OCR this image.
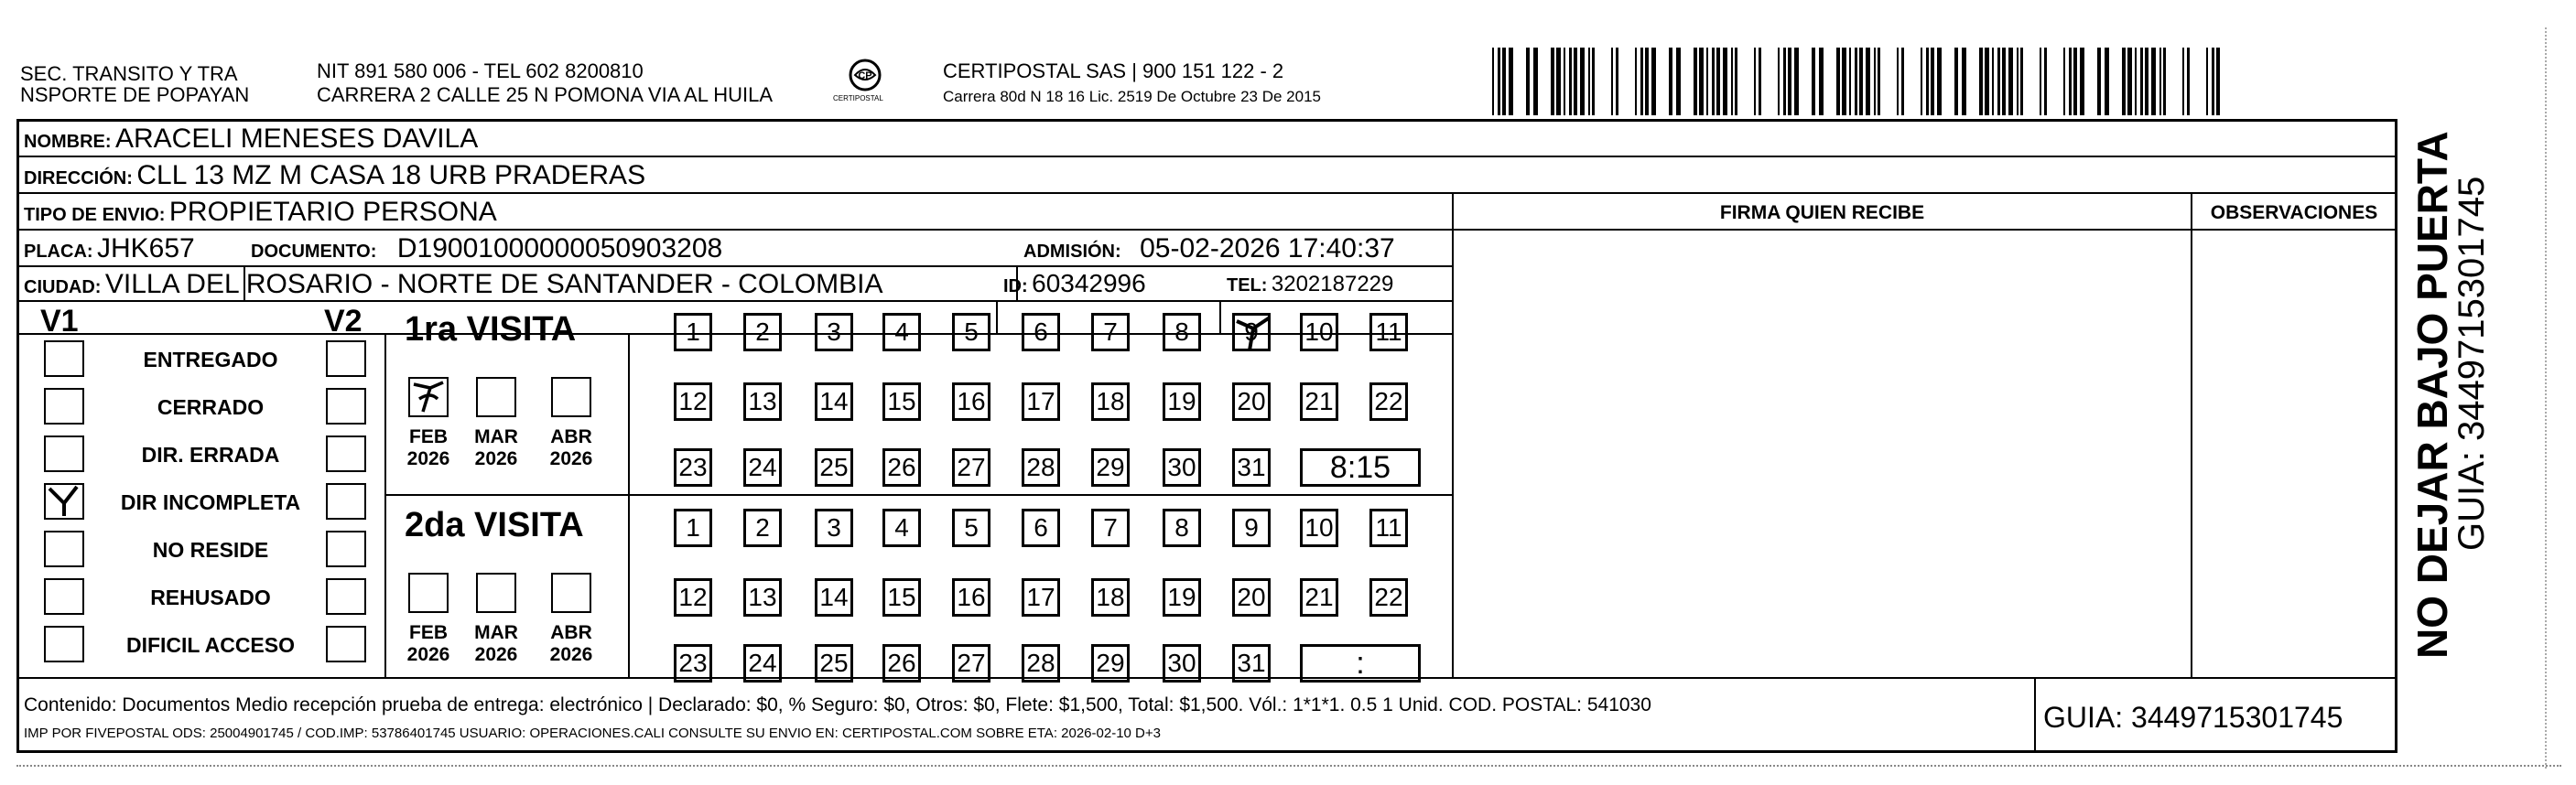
SEC. TRANSITO Y TRA
NSPORTE DE POPAYAN
NIT 891 580 006 - TEL 602 8200810
CARRERA 2 CALLE 25 N POMONA VIA AL HUILA
CP
CERTIPOSTAL
CERTIPOSTAL SAS | 900 151 122 - 2
Carrera 80d N 18 16 Lic. 2519 De Octubre 23 De 2015
NOMBRE: ARACELI MENESES DAVILA
DIRECCIÓN: CLL 13 MZ M CASA 18 URB PRADERAS
TIPO DE ENVIO: PROPIETARIO PERSONA
PLACA: JHK657	DOCUMENTO: D19001000000050903208	ADMISIÓN: 05-02-2026 17:40:37
CIUDAD: VILLA DEL ROSARIO - NORTE DE SANTANDER - COLOMBIA	ID: 60342996	TEL: 3202187229
FIRMA QUIEN RECIBE	OBSERVACIONES
V1	V2
ENTREGADO
CERRADO
DIR. ERRADA
DIR INCOMPLETA
NO RESIDE
REHUSADO
DIFICIL ACCESO
1ra VISITA
2da VISITA
FEB
2026
MAR
2026
ABR
2026
1 2 3 4 5 6 7 8 9 10 11
12 13 14 15 16 17 18 19 20 21 22
23 24 25 26 27 28 29 30 31 8:15
FEB
2026
MAR
2026
ABR
2026
1 2 3 4 5 6 7 8 9 10 11
12 13 14 15 16 17 18 19 20 21 22
23 24 25 26 27 28 29 30 31	:
Contenido: Documentos Medio recepción prueba de entrega: electrónico | Declarado: $0, % Seguro: $0, Otros: $0, Flete: $1,500, Total: $1,500. Vól.: 1*1*1. 0.5 1 Unid. COD. POSTAL: 541030
IMP POR FIVEPOSTAL ODS: 25004901745 / COD.IMP: 53786401745 USUARIO: OPERACIONES.CALI CONSULTE SU ENVIO EN: CERTIPOSTAL.COM SOBRE ETA: 2026-02-10 D+3	GUIA: 3449715301745
NO DEJAR BAJO PUERTA
GUIA: 3449715301745
